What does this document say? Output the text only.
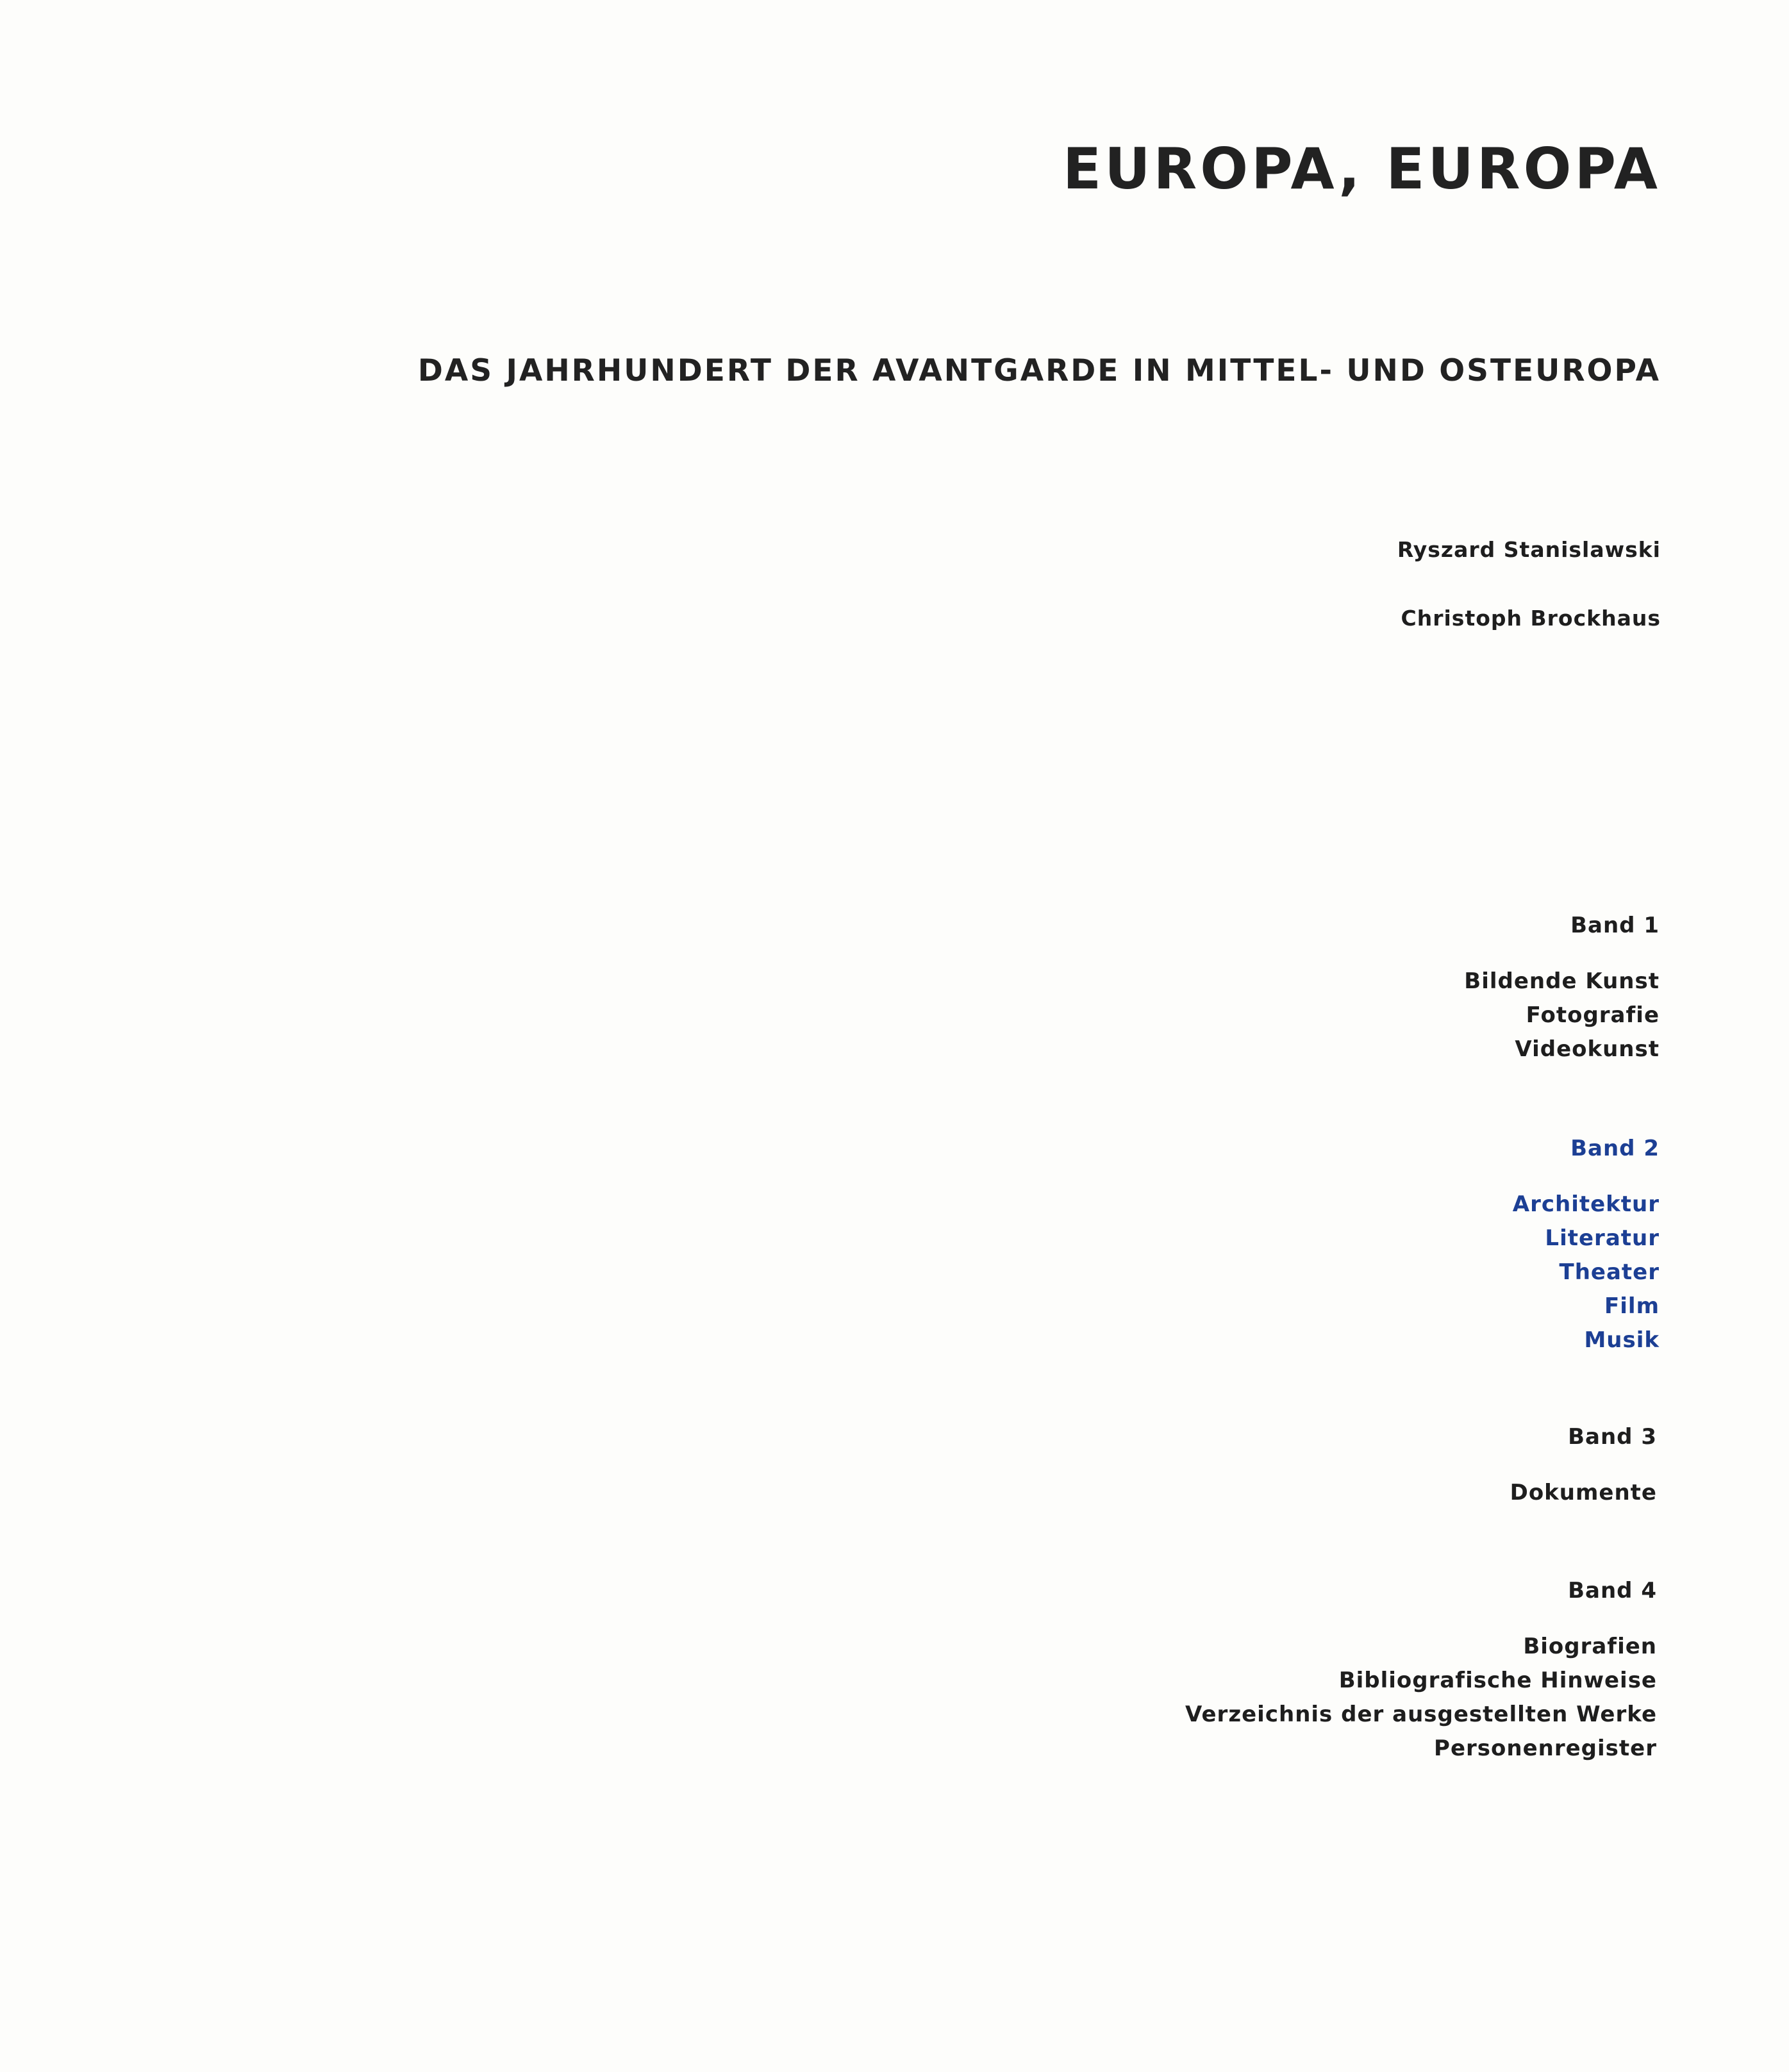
EUROPA, EUROPA
DAS JAHRHUNDERT DER AVANTGARDE IN MITTEL- UND OSTEUROPA
Ryszard Stanislawski
Christoph Brockhaus
Band 1
Bildende Kunst
Fotografie
Videokunst
Band 2
Architektur
Literatur
Theater
Film
Musik
Band 3
Dokumente
Band 4
Biografien
Bibliografische Hinweise
Verzeichnis der ausgestellten Werke
Personenregister
